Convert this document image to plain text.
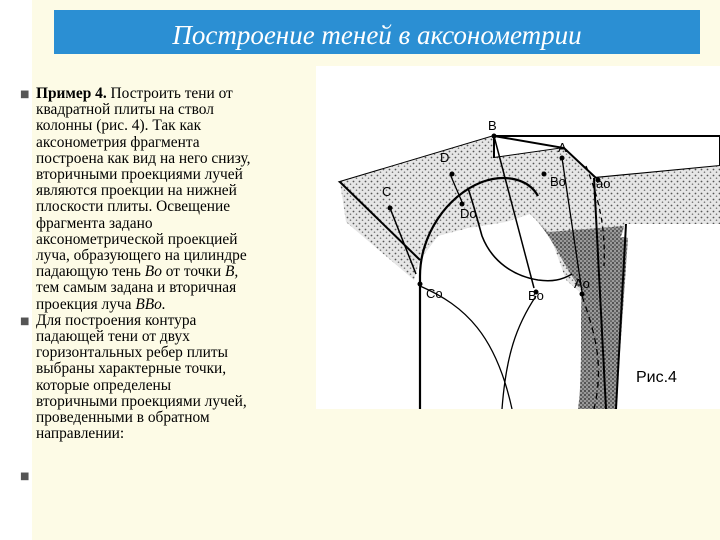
Построение теней в аксонометрии
■ Пример 4. Построить тени от
квадратной плиты на ствол
колонны (рис. 4). Так как
аксонометрия фрагмента
построена как вид на него снизу,
вторичными проекциями лучей
являются проекции на нижней
плоскости плиты. Освещение
фрагмента задано
аксонометрической проекцией
луча, образующего на цилиндре
падающую тень Bo от точки B,
тем самым задана и вторичная
проекция луча BBo.
■ Для построения контура
падающей тени от двух
горизонтальных ребер плиты
выбраны характерные точки,
которые определены
вторичными проекциями лучей,
проведенными в обратном
направлении:
■
B
D
A
C
Bo ao
Do
Co	Bo
Ao
Рис.4
